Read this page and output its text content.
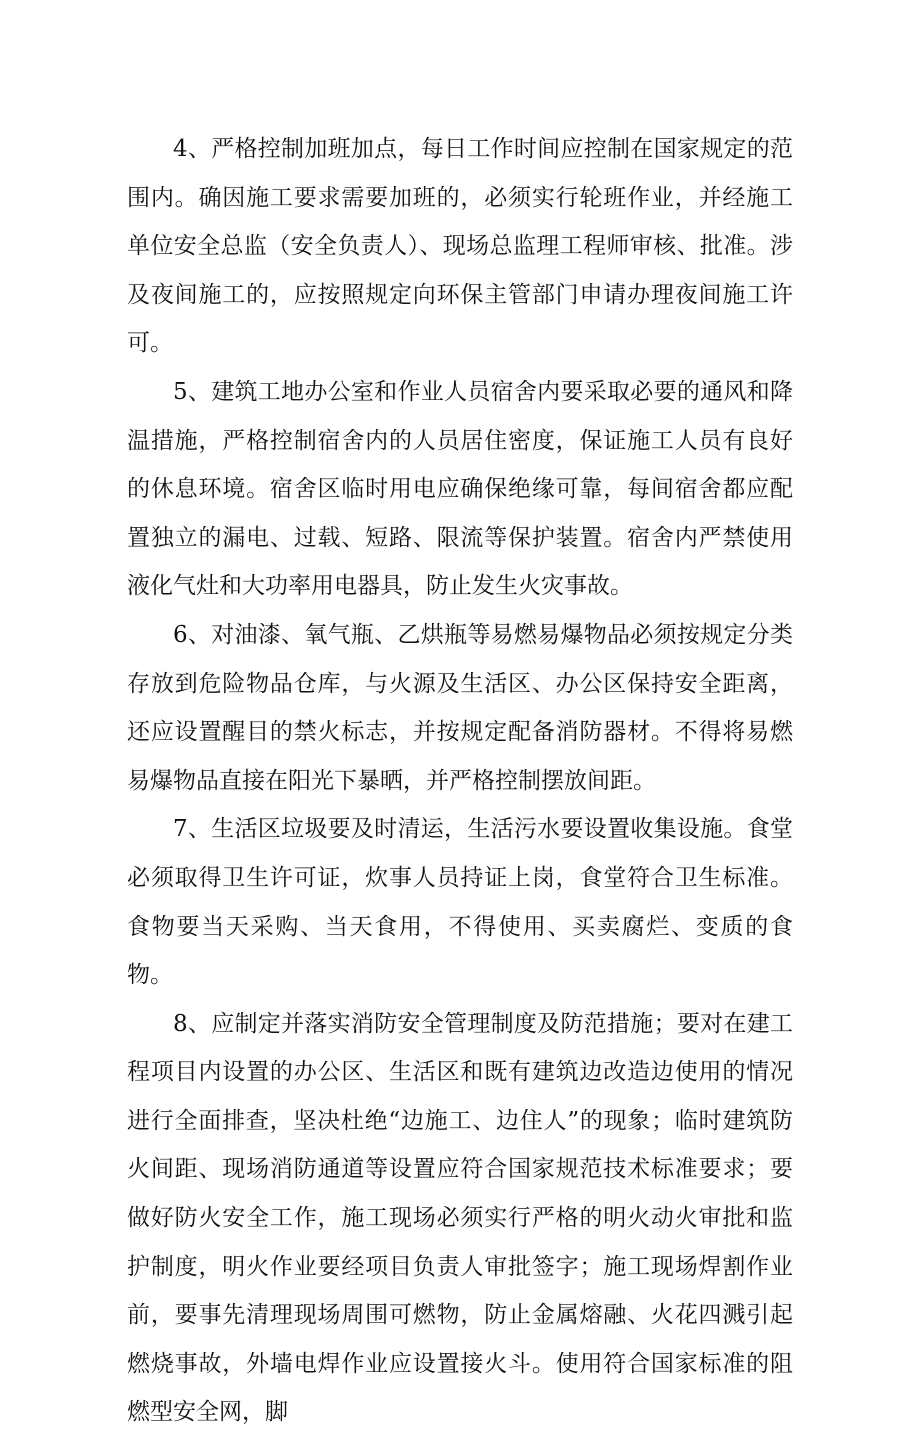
4、严格控制加班加点，每日工作时间应控制在国家规定的范围内。确因施工要求需要加班的，必须实行轮班作业，并经施工单位安全总监（安全负责人）、现场总监理工程师审核、批准。涉及夜间施工的，应按照规定向环保主管部门申请办理夜间施工许可。

5、建筑工地办公室和作业人员宿舍内要采取必要的通风和降温措施，严格控制宿舍内的人员居住密度，保证施工人员有良好的休息环境。宿舍区临时用电应确保绝缘可靠，每间宿舍都应配置独立的漏电、过载、短路、限流等保护装置。宿舍内严禁使用液化气灶和大功率用电器具，防止发生火灾事故。

6、对油漆、氧气瓶、乙烘瓶等易燃易爆物品必须按规定分类存放到危险物品仓库，与火源及生活区、办公区保持安全距离，还应设置醒目的禁火标志，并按规定配备消防器材。不得将易燃易爆物品直接在阳光下暴晒，并严格控制摆放间距。

7、生活区垃圾要及时清运，生活污水要设置收集设施。食堂必须取得卫生许可证，炊事人员持证上岗，食堂符合卫生标准。食物要当天采购、当天食用，不得使用、买卖腐烂、变质的食物。

8、应制定并落实消防安全管理制度及防范措施；要对在建工程项目内设置的办公区、生活区和既有建筑边改造边使用的情况进行全面排查，坚决杜绝“边施工、边住人”的现象；临时建筑防火间距、现场消防通道等设置应符合国家规范技术标准要求；要做好防火安全工作，施工现场必须实行严格的明火动火审批和监护制度，明火作业要经项目负责人审批签字；施工现场焊割作业前，要事先清理现场周围可燃物，防止金属熔融、火花四溅引起燃烧事故，外墙电焊作业应设置接火斗。使用符合国家标准的阻燃型安全网，脚
